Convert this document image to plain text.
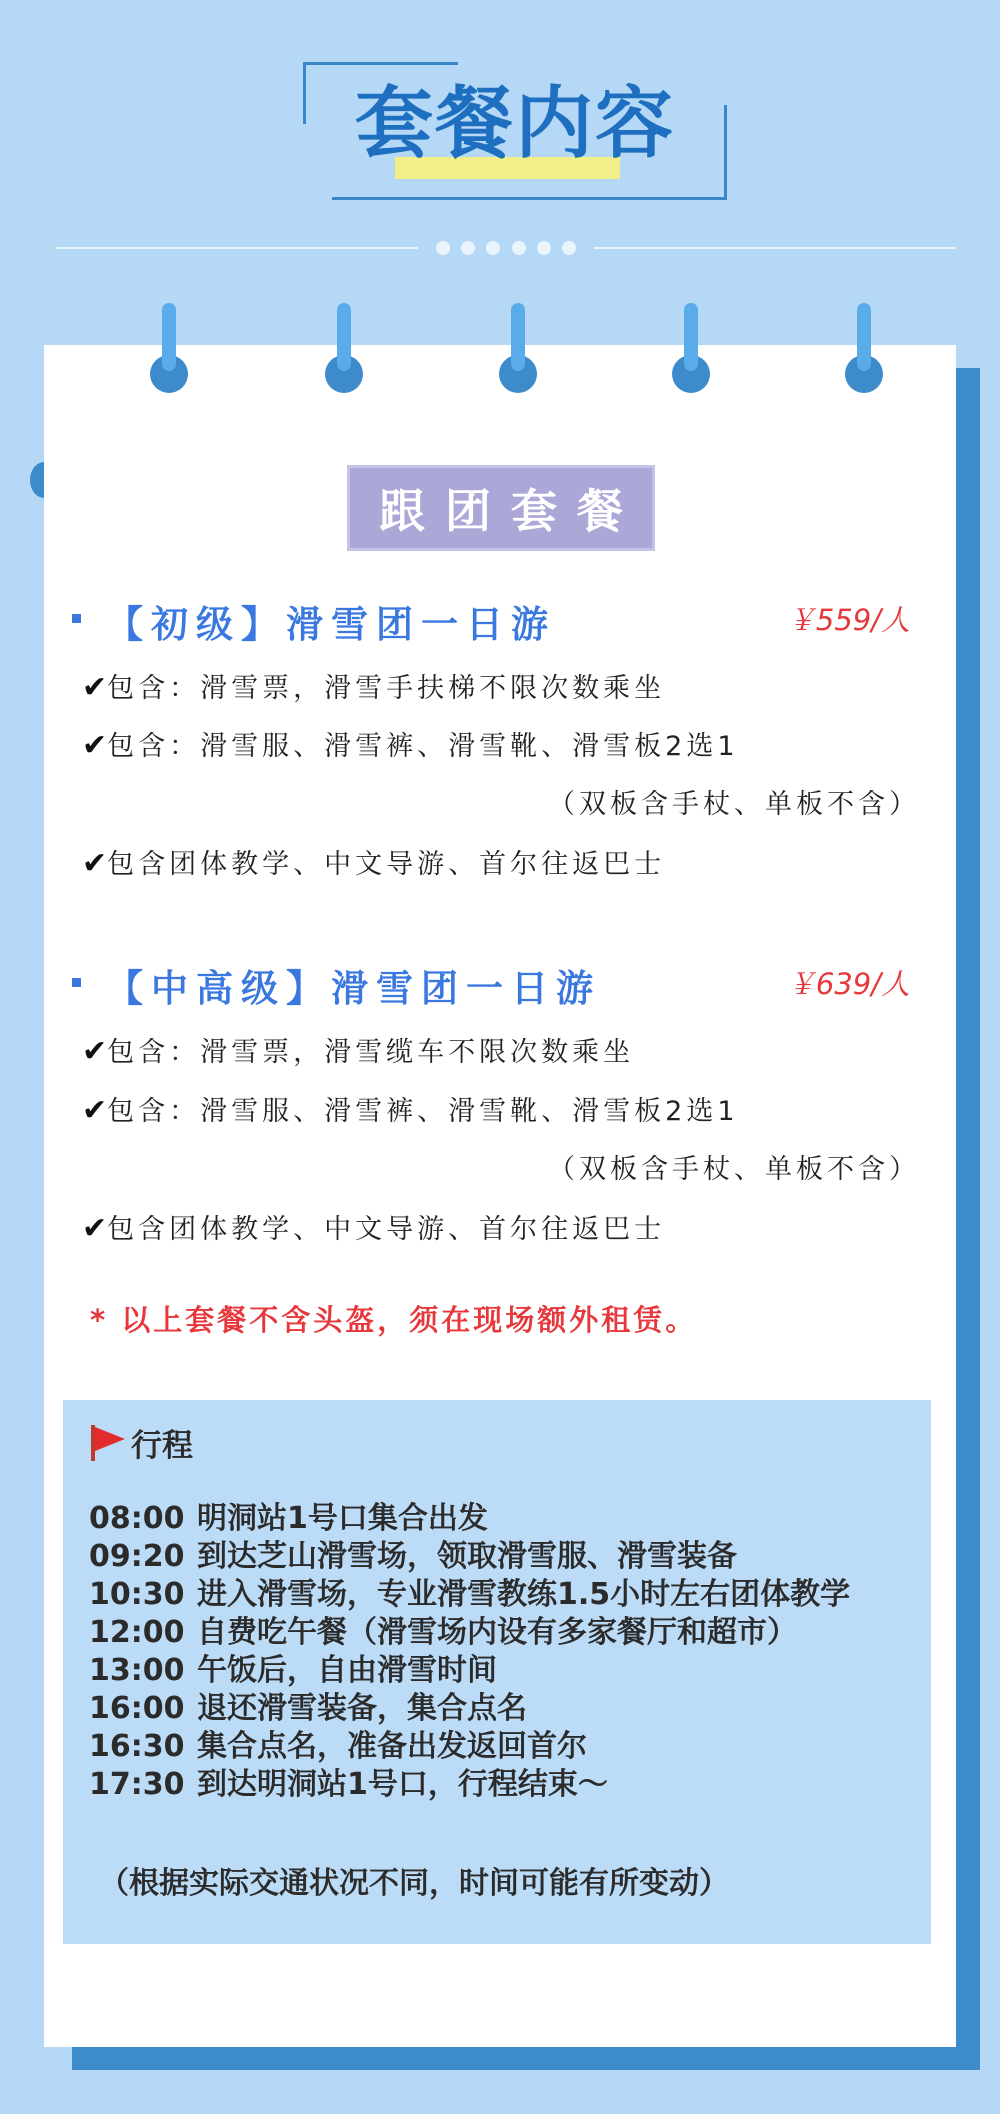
套餐内容
跟团套餐
【初级】滑雪团一日游	￥559/人
✔包含：滑雪票，滑雪手扶梯不限次数乘坐
✔包含：滑雪服、滑雪裤、滑雪靴、滑雪板2选1
（双板含手杖、单板不含）
✔包含团体教学、中文导游、首尔往返巴士
【中高级】滑雪团一日游	￥639/人
✔包含：滑雪票，滑雪缆车不限次数乘坐
✔包含：滑雪服、滑雪裤、滑雪靴、滑雪板2选1
（双板含手杖、单板不含）
✔包含团体教学、中文导游、首尔往返巴士
* 以上套餐不含头盔，须在现场额外租赁。
行程
08:00 明洞站1号口集合出发
09:20 到达芝山滑雪场，领取滑雪服、滑雪装备
10:30 进入滑雪场，专业滑雪教练1.5小时左右团体教学
12:00 自费吃午餐（滑雪场内设有多家餐厅和超市）
13:00 午饭后，自由滑雪时间
16:00 退还滑雪装备，集合点名
16:30 集合点名，准备出发返回首尔
17:30 到达明洞站1号口，行程结束～
（根据实际交通状况不同，时间可能有所变动）
